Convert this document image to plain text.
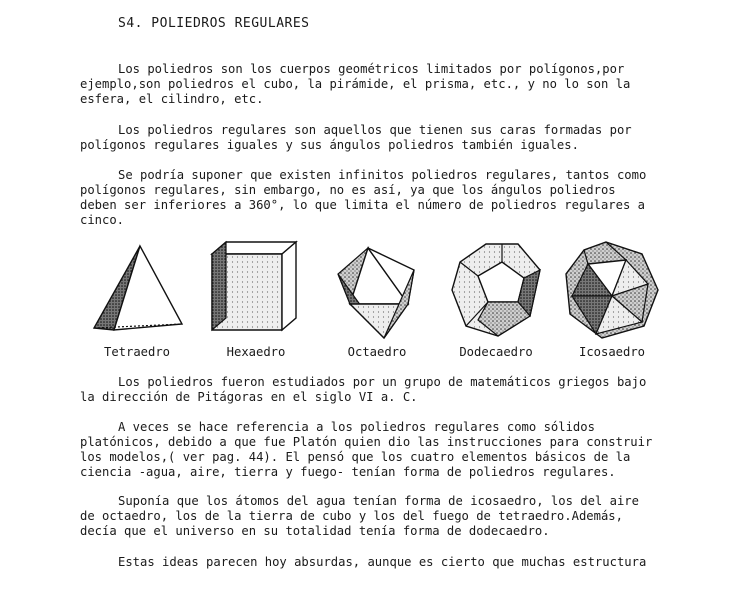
S4. POLIEDROS REGULARES
Los poliedros son los cuerpos geométricos limitados por polígonos,por
ejemplo,son poliedros el cubo, la pirámide, el prisma, etc., y no lo son la
esfera, el cilindro, etc.
Los poliedros regulares son aquellos que tienen sus caras formadas por
polígonos regulares iguales y sus ángulos poliedros también iguales.
Se podría suponer que existen infinitos poliedros regulares, tantos como
polígonos regulares, sin embargo, no es así, ya que los ángulos poliedros
deben ser inferiores a 360°, lo que limita el número de poliedros regulares a
cinco.
Tetraedro	Hexaedro	Octaedro	Dodecaedro	Icosaedro
Los poliedros fueron estudiados por un grupo de matemáticos griegos bajo
la dirección de Pitágoras en el siglo VI a. C.
A veces se hace referencia a los poliedros regulares como sólidos
platónicos, debido a que fue Platón quien dio las instrucciones para construir
los modelos,( ver pag. 44). El pensó que los cuatro elementos básicos de la
ciencia -agua, aire, tierra y fuego- tenían forma de poliedros regulares.
Suponía que los átomos del agua tenían forma de icosaedro, los del aire
de octaedro, los de la tierra de cubo y los del fuego de tetraedro.Además,
decía que el universo en su totalidad tenía forma de dodecaedro.
Estas ideas parecen hoy absurdas, aunque es cierto que muchas estructura
